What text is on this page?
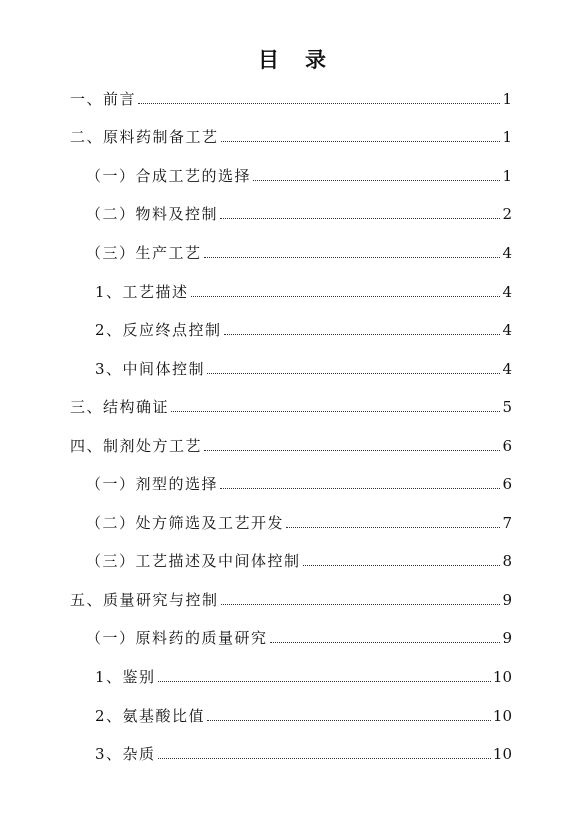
目 录
一、前言	1
二、原料药制备工艺	1
（一）合成工艺的选择	1
（二）物料及控制	2
（三）生产工艺	4
1、工艺描述	4
2、反应终点控制	4
3、中间体控制	4
三、结构确证	5
四、制剂处方工艺	6
（一）剂型的选择	6
（二）处方筛选及工艺开发	7
（三）工艺描述及中间体控制	8
五、质量研究与控制	9
（一）原料药的质量研究	9
1、鉴别	10
2、氨基酸比值	10
3、杂质	10
